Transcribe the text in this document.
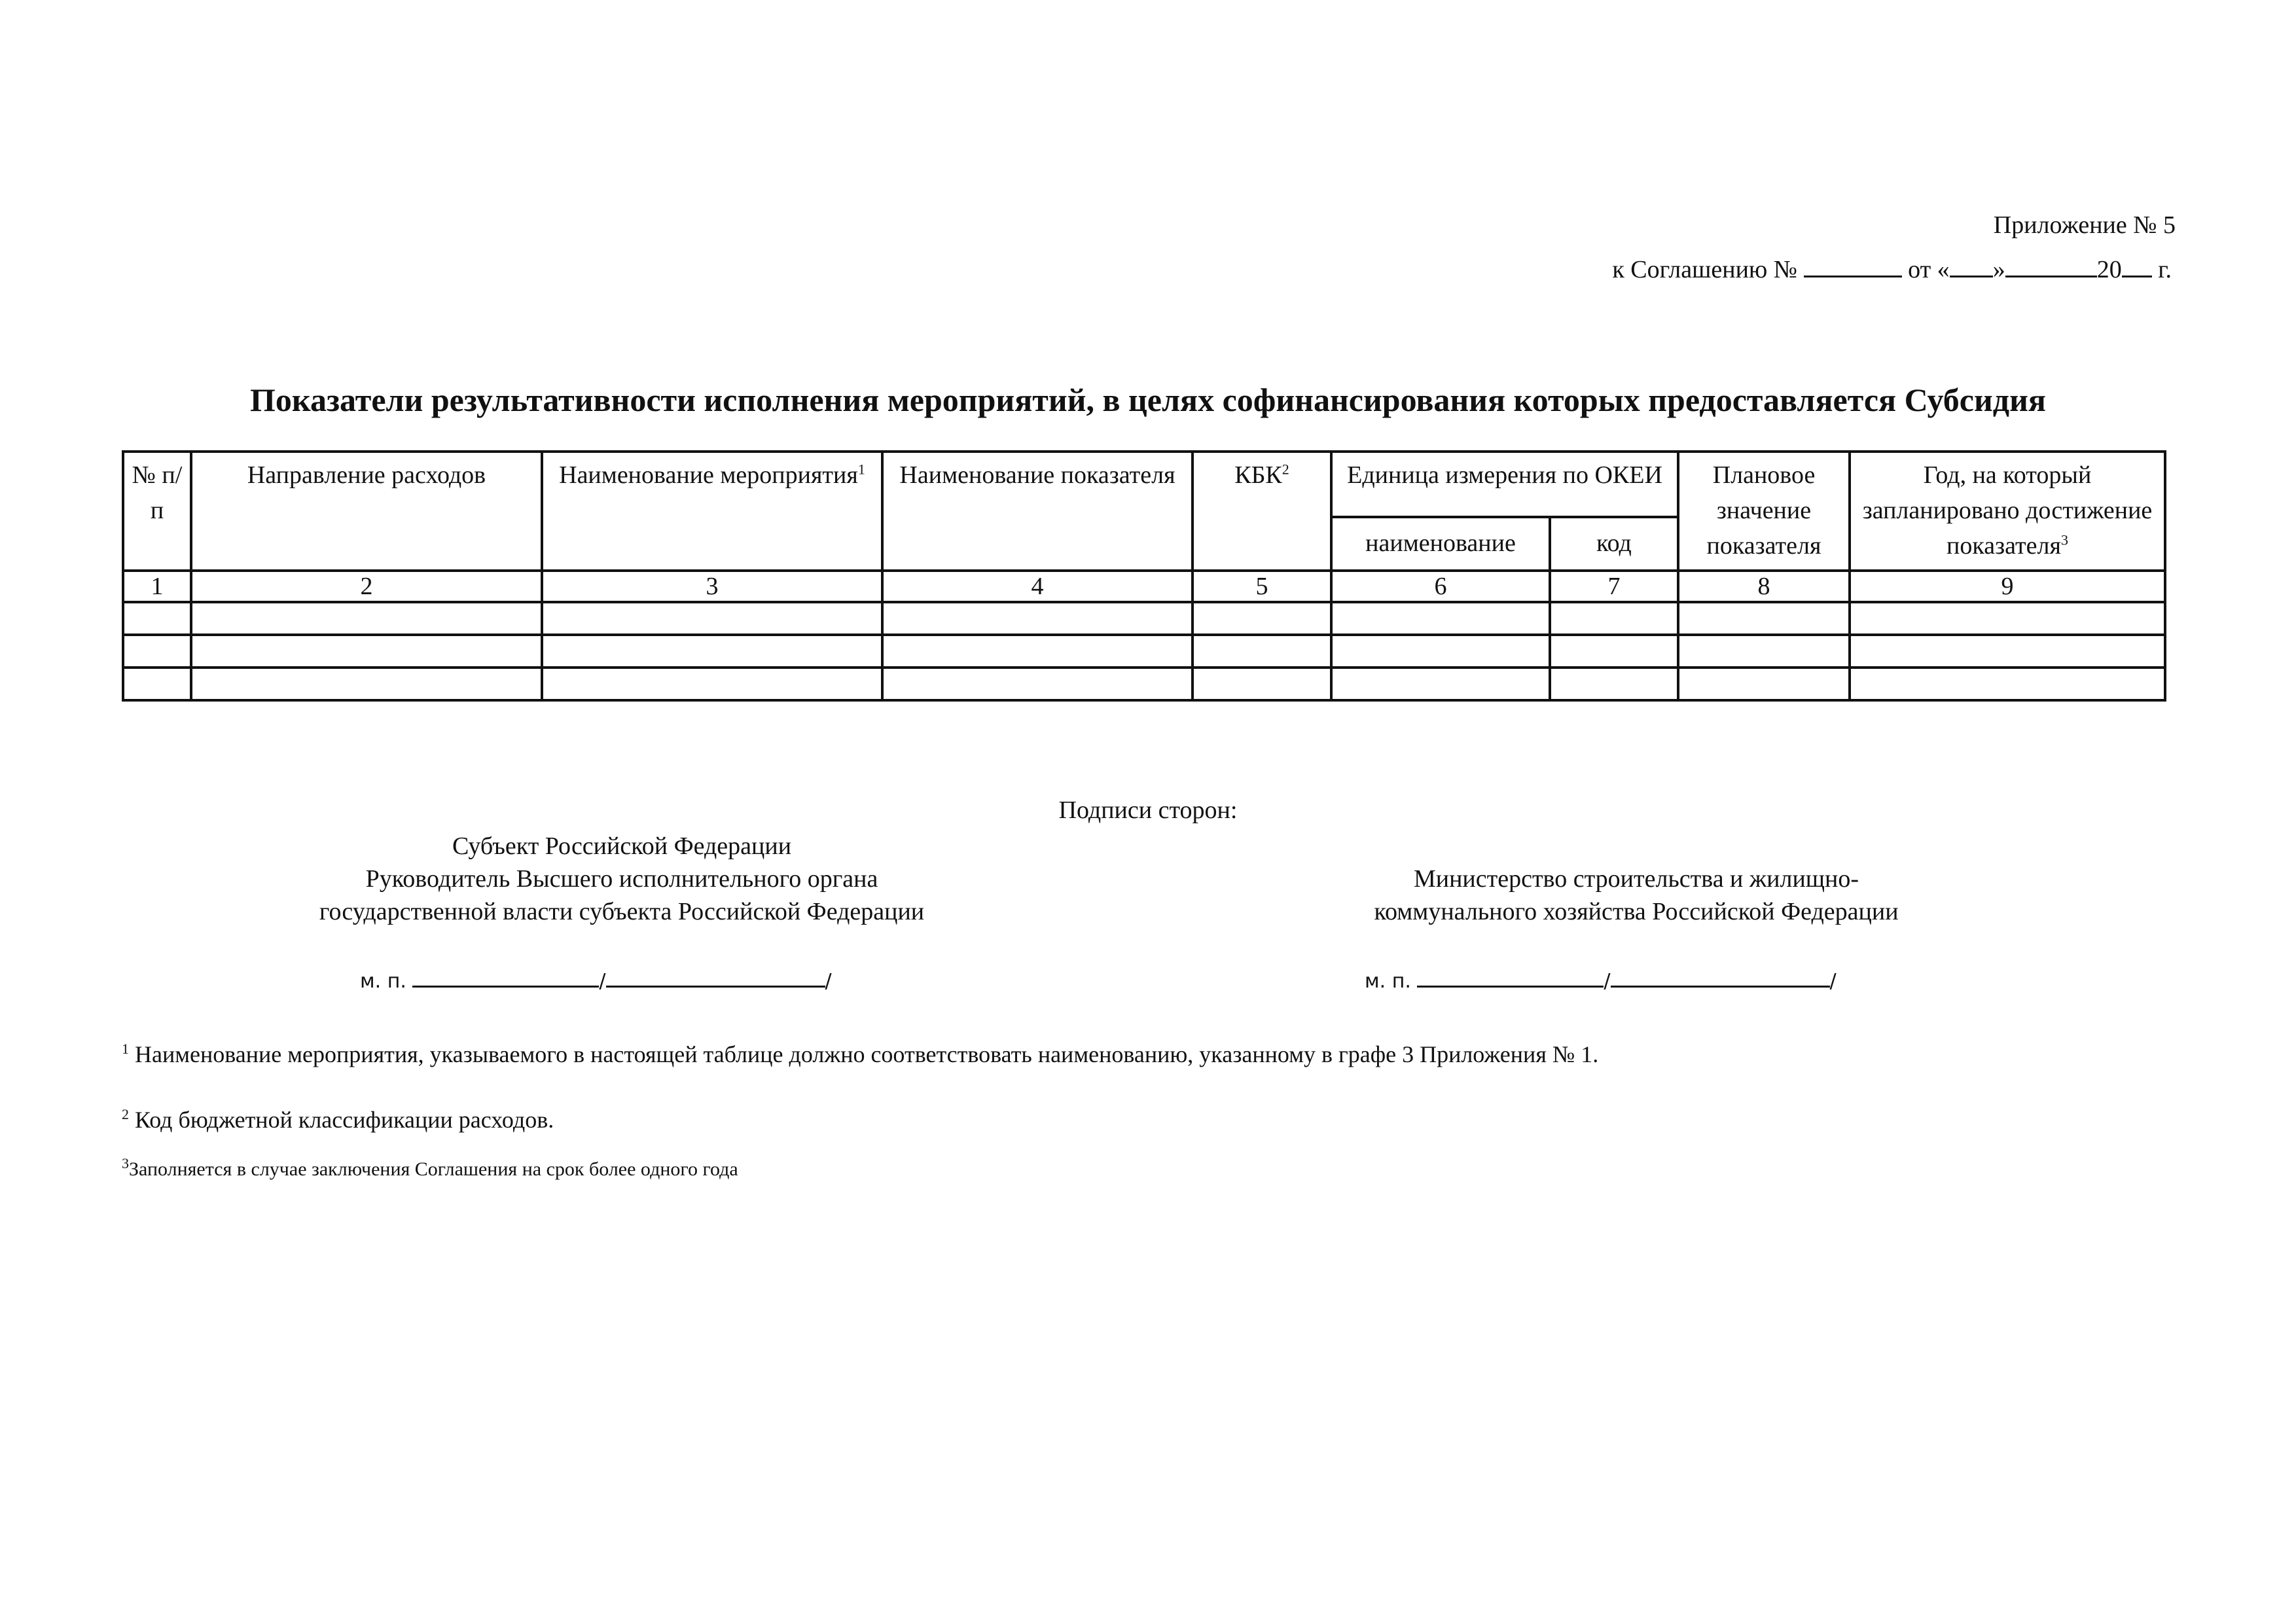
Приложение № 5
к Соглашению №	от « »	20 г.
Показатели результативности исполнения мероприятий, в целях софинансирования которых предоставляется Субсидия
№ п/п	Направление расходов	Наименование мероприятия$^1$	Наименование показателя	КБК$^2$	Единица измерения по ОКЕИ		Плановое значение показателя	Год, на который запланировано достижение показателя$^3$
					наименование	код		
1	2	3	4	5	6	7	8	9

Подписи сторон:
Субъект Российской Федерации
Руководитель Высшего исполнительного органа
государственной власти субъекта Российской Федерации
Министерство строительства и жилищно-
коммунального хозяйства Российской Федерации
м. п.	/	/	м. п.	/	/
$^1$ Наименование мероприятия, указываемого в настоящей таблице должно соответствовать наименованию, указанному в графе 3 Приложения № 1.
$^2$ Код бюджетной классификации расходов.
$^3$Заполняется в случае заключения Соглашения на срок более одного года
